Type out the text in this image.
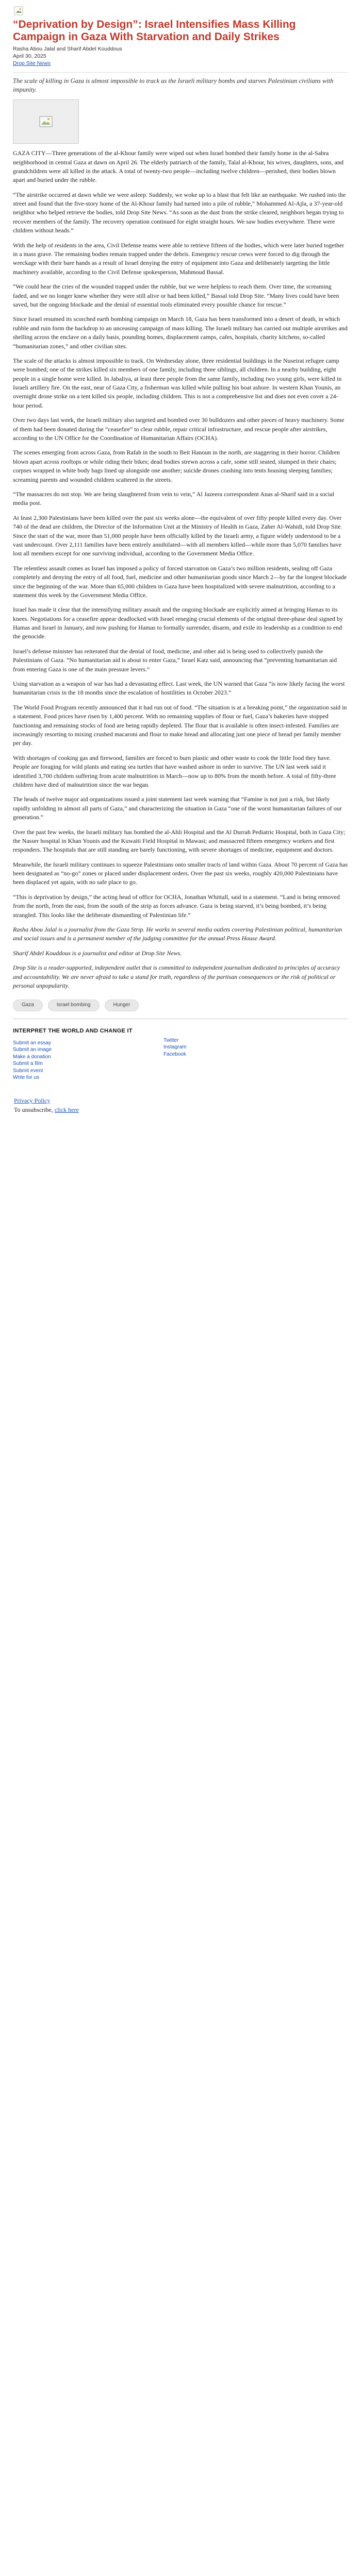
“Deprivation by Design”: Israel Intensifies Mass Killing Campaign in Gaza With Starvation and Daily Strikes
Rasha Abou Jalal and Sharif Abdel Kouddous
April 30, 2025
Drop Site News

The scale of killing in Gaza is almost impossible to track as the Israeli military bombs and starves Palestinian civilians with impunity.

GAZA CITY—Three generations of the al-Khour family were wiped out when Israel bombed their family home in the al-Sabra neighborhood in central Gaza at dawn on April 26. The elderly patriarch of the family, Talal al-Khour, his wives, daughters, sons, and grandchildren were all killed in the attack. A total of twenty-two people—including twelve children—perished, their bodies blown apart and buried under the rubble.

“The airstrike occurred at dawn while we were asleep. Suddenly, we woke up to a blast that felt like an earthquake. We rushed into the street and found that the five-story home of the Al-Khour family had turned into a pile of rubble,” Mohammed Al-Ajla, a 37-year-old neighbor who helped retrieve the bodies, told Drop Site News. “As soon as the dust from the strike cleared, neighbors began trying to recover members of the family. The recovery operation continued for eight straight hours. We saw bodies everywhere. There were children without heads.”

With the help of residents in the area, Civil Defense teams were able to retrieve fifteen of the bodies, which were later buried together in a mass grave. The remaining bodies remain trapped under the debris. Emergency rescue crews were forced to dig through the wreckage with their bare hands as a result of Israel denying the entry of equipment into Gaza and deliberately targeting the little machinery available, according to the Civil Defense spokesperson, Mahmoud Bassal.

“We could hear the cries of the wounded trapped under the rubble, but we were helpless to reach them. Over time, the screaming faded, and we no longer knew whether they were still alive or had been killed,” Bassal told Drop Site. “Many lives could have been saved, but the ongoing blockade and the denial of essential tools eliminated every possible chance for rescue.”

Since Israel resumed its scorched earth bombing campaign on March 18, Gaza has been transformed into a desert of death, in which rubble and ruin form the backdrop to an unceasing campaign of mass killing. The Israeli military has carried out multiple airstrikes and shelling across the enclave on a daily basis, pounding homes, displacement camps, cafes, hospitals, charity kitchens, so-called “humanitarian zones,” and other civilian sites.

The scale of the attacks is almost impossible to track. On Wednesday alone, three residential buildings in the Nuseirat refugee camp were bombed; one of the strikes killed six members of one family, including three siblings, all children. In a nearby building, eight people in a single home were killed. In Jabaliya, at least three people from the same family, including two young girls, were killed in Israeli artillery fire. On the east, near of Gaza City, a fisherman was killed while pulling his boat ashore. In western Khan Younis, an overnight drone strike on a tent killed six people, including children. This is not a comprehensive list and does not even cover a 24-hour period.

Over two days last week, the Israeli military also targeted and bombed over 30 bulldozers and other pieces of heavy machinery. Some of them had been donated during the “ceasefire” to clear rubble, repair critical infrastructure, and rescue people after airstrikes, according to the UN Office for the Coordination of Humanitarian Affairs (OCHA).

The scenes emerging from across Gaza, from Rafah in the south to Beit Hanoun in the north, are staggering in their horror. Children blown apart across rooftops or while riding their bikes; dead bodies strewn across a cafe, some still seated, slumped in their chairs; corpses wrapped in white body bags lined up alongside one another; suicide drones crashing into tents housing sleeping families; screaming parents and wounded children scattered in the streets.

“The massacres do not stop. We are being slaughtered from vein to vein,” Al Jazeera correspondent Anas al-Sharif said in a social media post.

At least 2,300 Palestinians have been killed over the past six weeks alone—the equivalent of over fifty people killed every day. Over 740 of the dead are children, the Director of the Information Unit at the Ministry of Health in Gaza, Zaher Al-Wahidi, told Drop Site. Since the start of the war, more than 51,000 people have been officially killed by the Israeli army, a figure widely understood to be a vast undercount. Over 2,111 families have been entirely annihilated—with all members killed—while more than 5,070 families have lost all members except for one surviving individual, according to the Government Media Office.

The relentless assault comes as Israel has imposed a policy of forced starvation on Gaza’s two million residents, sealing off Gaza completely and denying the entry of all food, fuel, medicine and other humanitarian goods since March 2—by far the longest blockade since the beginning of the war. More than 65,000 children in Gaza have been hospitalized with severe malnutrition, according to a statement this week by the Government Media Office.

Israel has made it clear that the intensifying military assault and the ongoing blockade are explicitly aimed at bringing Hamas to its knees. Negotiations for a ceasefire appear deadlocked with Israel reneging crucial elements of the original three-phase deal signed by Hamas and Israel in January, and now pushing for Hamas to formally surrender, disarm, and exile its leadership as a condition to end the genocide.

Israel’s defense minister has reiterated that the denial of food, medicine, and other aid is being used to collectively punish the Palestinians of Gaza. “No humanitarian aid is about to enter Gaza,” Israel Katz said, announcing that “preventing humanitarian aid from entering Gaza is one of the main pressure levers.”

Using starvation as a weapon of war has had a devastating effect. Last week, the UN warned that Gaza “is now likely facing the worst humanitarian crisis in the 18 months since the escalation of hostilities in October 2023.”

The World Food Program recently announced that it had run out of food. “The situation is at a breaking point,” the organization said in a statement. Food prices have risen by 1,400 percent. With no remaining supplies of flour or fuel, Gaza’s bakeries have stopped functioning and remaining stocks of food are being rapidly depleted. The flour that is available is often insect-infested. Families are increasingly resorting to mixing crushed macaroni and flour to make bread and allocating just one piece of bread per family member per day.

With shortages of cooking gas and firewood, families are forced to burn plastic and other waste to cook the little food they have. People are foraging for wild plants and eating sea turtles that have washed ashore in order to survive. The UN last week said it identified 3,700 children suffering from acute malnutrition in March—now up to 80% from the month before. A total of fifty-three children have died of malnutrition since the war began.

The heads of twelve major aid organizations issued a joint statement last week warning that “Famine is not just a risk, but likely rapidly unfolding in almost all parts of Gaza,” and characterizing the situation in Gaza “one of the worst humanitarian failures of our generation.”

Over the past few weeks, the Israeli military has bombed the al-Ahli Hospital and the Al Durrah Pediatric Hospital, both in Gaza City; the Nasser hospital in Khan Younis and the Kuwaiti Field Hospital in Mawasi; and massacred fifteen emergency workers and first responders. The hospitals that are still standing are barely functioning, with severe shortages of medicine, equipment and doctors.

Meanwhile, the Israeli military continues to squeeze Palestinians onto smaller tracts of land within Gaza. About 70 percent of Gaza has been designated as “no-go” zones or placed under displacement orders. Over the past six weeks, roughly 420,000 Palestinians have been displaced yet again, with no safe place to go.

“This is deprivation by design,” the acting head of office for OCHA, Jonathan Whittall, said in a statement. “Land is being removed from the north, from the east, from the south of the strip as forces advance. Gaza is being starved, it’s being bombed, it’s being strangled. This looks like the deliberate dismantling of Palestinian life.”

Rasha Abou Jalal is a journalist from the Gaza Strip. He works in several media outlets covering Palestinian political, humanitarian and social issues and is a permanent member of the judging committee for the annual Press House Award.

Sharif Abdel Kouddous is a journalist and editor at Drop Site News.

Drop Site is a reader-supported, independent outlet that is committed to independent journalism dedicated to principles of accuracy and accountability. We are never afraid to take a stand for truth, regardless of the partisan consequences or the risk of political or personal unpopularity.

Gaza	Israel bombing	Hunger
INTERPRET THE WORLD AND CHANGE IT
Submit an essay
Submit an image
Make a donation
Submit a film
Submit event
Write for us
Twitter
Instagram
Facebook
Privacy Policy
To unsubscribe, click here
